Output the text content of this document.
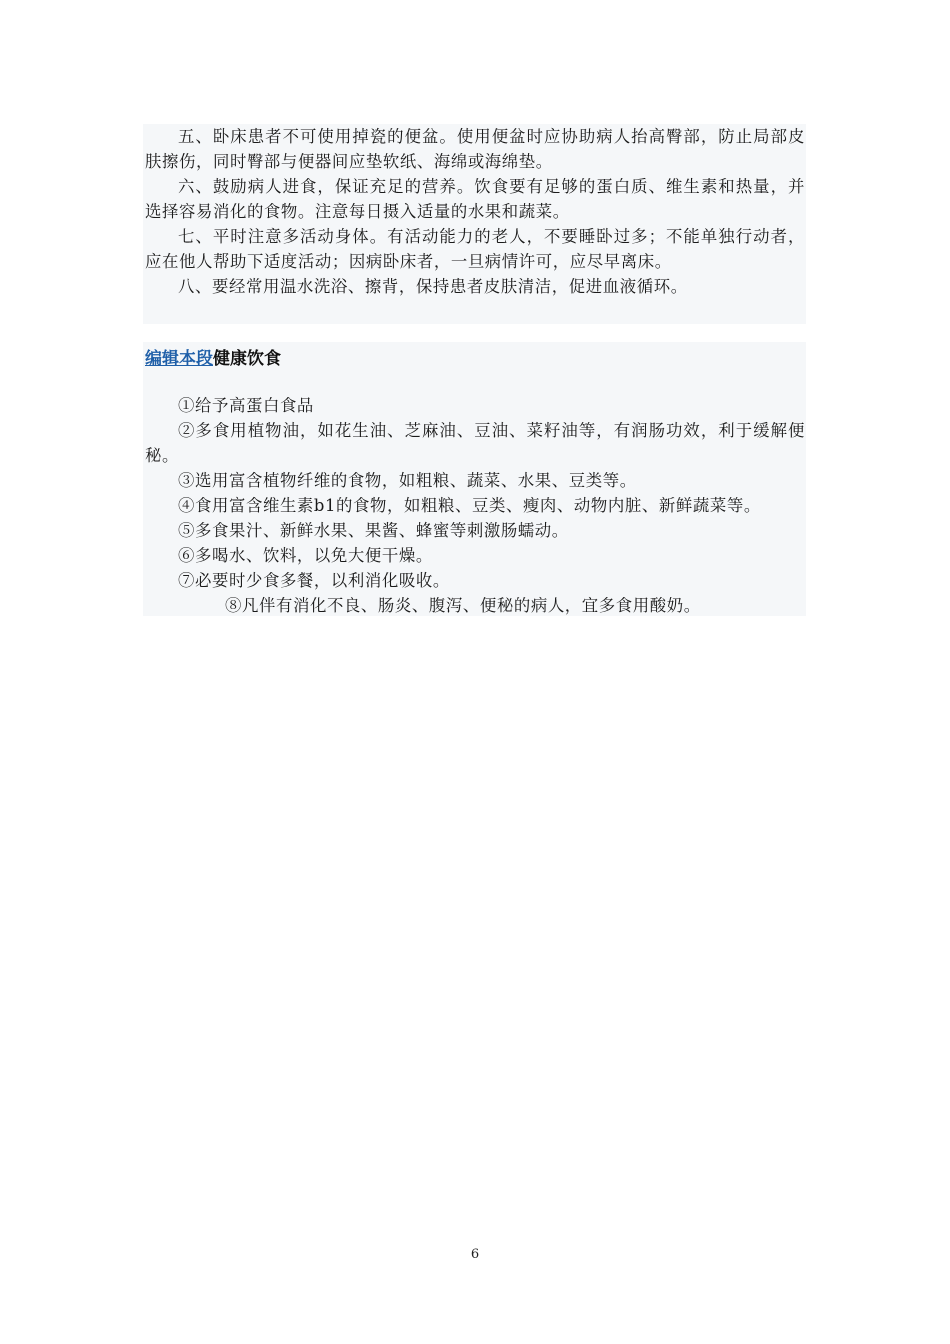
五、卧床患者不可使用掉瓷的便盆。使用便盆时应协助病人抬高臀部，防止局部皮肤擦伤，同时臀部与便器间应垫软纸、海绵或海绵垫。

六、鼓励病人进食，保证充足的营养。饮食要有足够的蛋白质、维生素和热量，并选择容易消化的食物。注意每日摄入适量的水果和蔬菜。

七、平时注意多活动身体。有活动能力的老人，不要睡卧过多；不能单独行动者，应在他人帮助下适度活动；因病卧床者，一旦病情许可，应尽早离床。

八、要经常用温水洗浴、擦背，保持患者皮肤清洁，促进血液循环。

编辑本段健康饮食

①给予高蛋白食品

②多食用植物油，如花生油、芝麻油、豆油、菜籽油等，有润肠功效，利于缓解便秘。

③选用富含植物纤维的食物，如粗粮、蔬菜、水果、豆类等。

④食用富含维生素b1的食物，如粗粮、豆类、瘦肉、动物内脏、新鲜蔬菜等。

⑤多食果汁、新鲜水果、果酱、蜂蜜等刺激肠蠕动。

⑥多喝水、饮料，以免大便干燥。

⑦必要时少食多餐，以利消化吸收。

⑧凡伴有消化不良、肠炎、腹泻、便秘的病人，宜多食用酸奶。

6
